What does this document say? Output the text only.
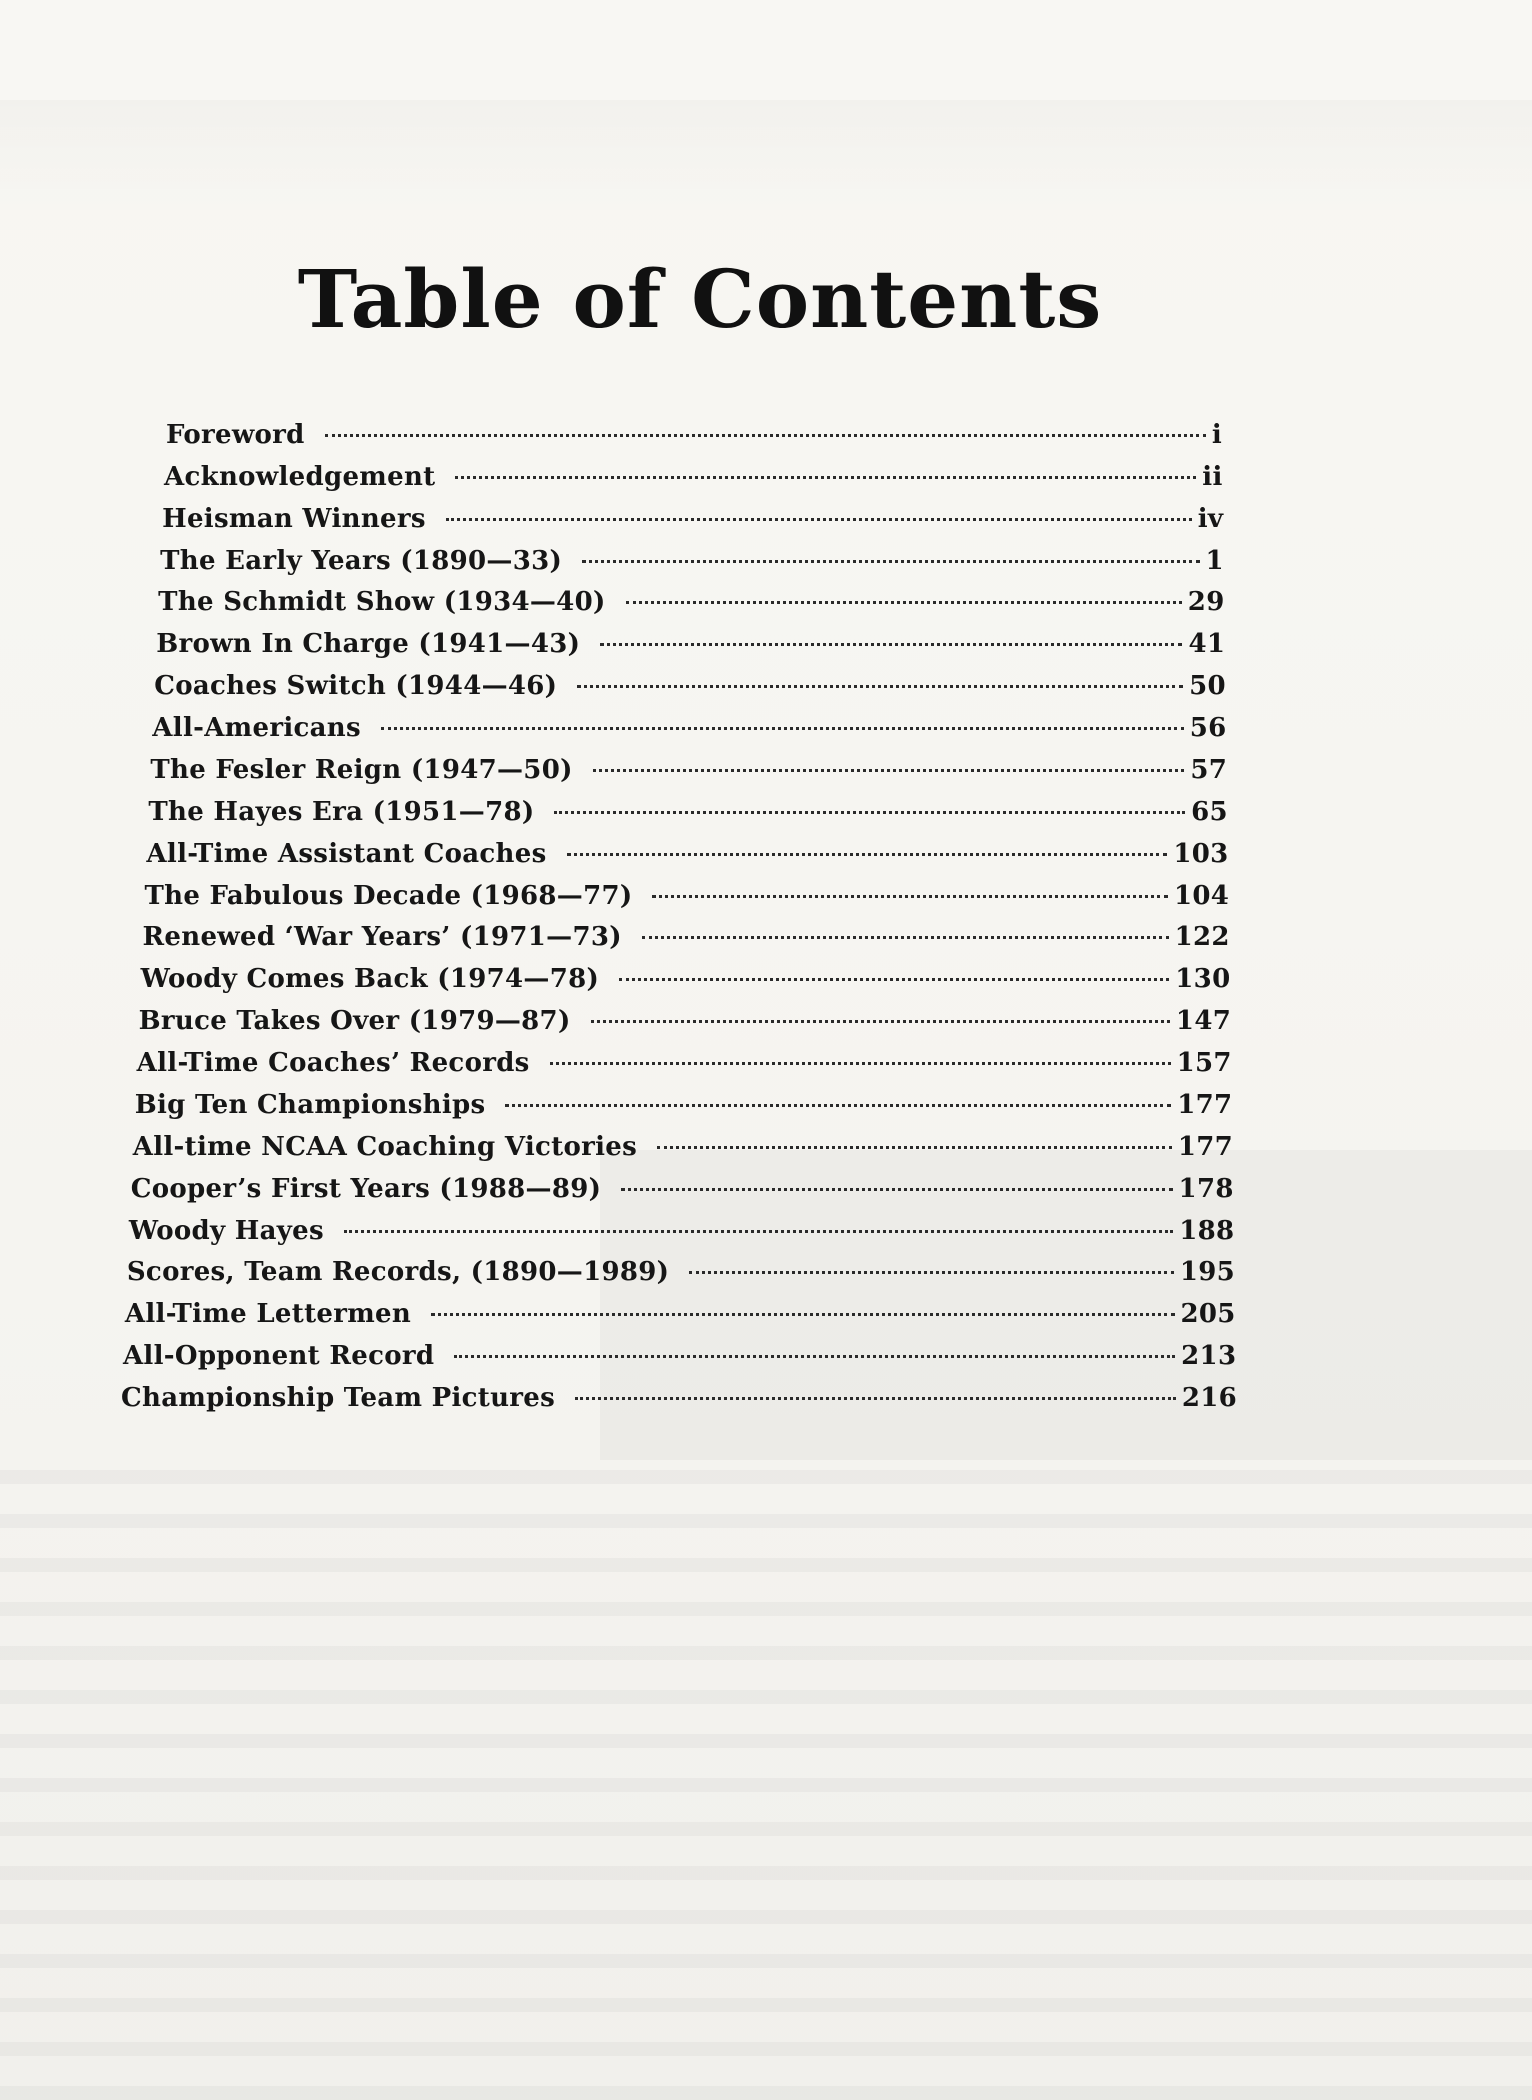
Table of Contents
Foreword	i
Acknowledgement	ii
Heisman Winners	iv
The Early Years (1890—33)	1
The Schmidt Show (1934—40)	29
Brown In Charge (1941—43)	41
Coaches Switch (1944—46)	50
All-Americans	56
The Fesler Reign (1947—50)	57
The Hayes Era (1951—78)	65
All-Time Assistant Coaches	103
The Fabulous Decade (1968—77)	104
Renewed ‘War Years’ (1971—73)	122
Woody Comes Back (1974—78)	130
Bruce Takes Over (1979—87)	147
All-Time Coaches’ Records	157
Big Ten Championships	177
All-time NCAA Coaching Victories	177
Cooper’s First Years (1988—89)	178
Woody Hayes	188
Scores, Team Records, (1890—1989)	195
All-Time Lettermen	205
All-Opponent Record	213
Championship Team Pictures	216
